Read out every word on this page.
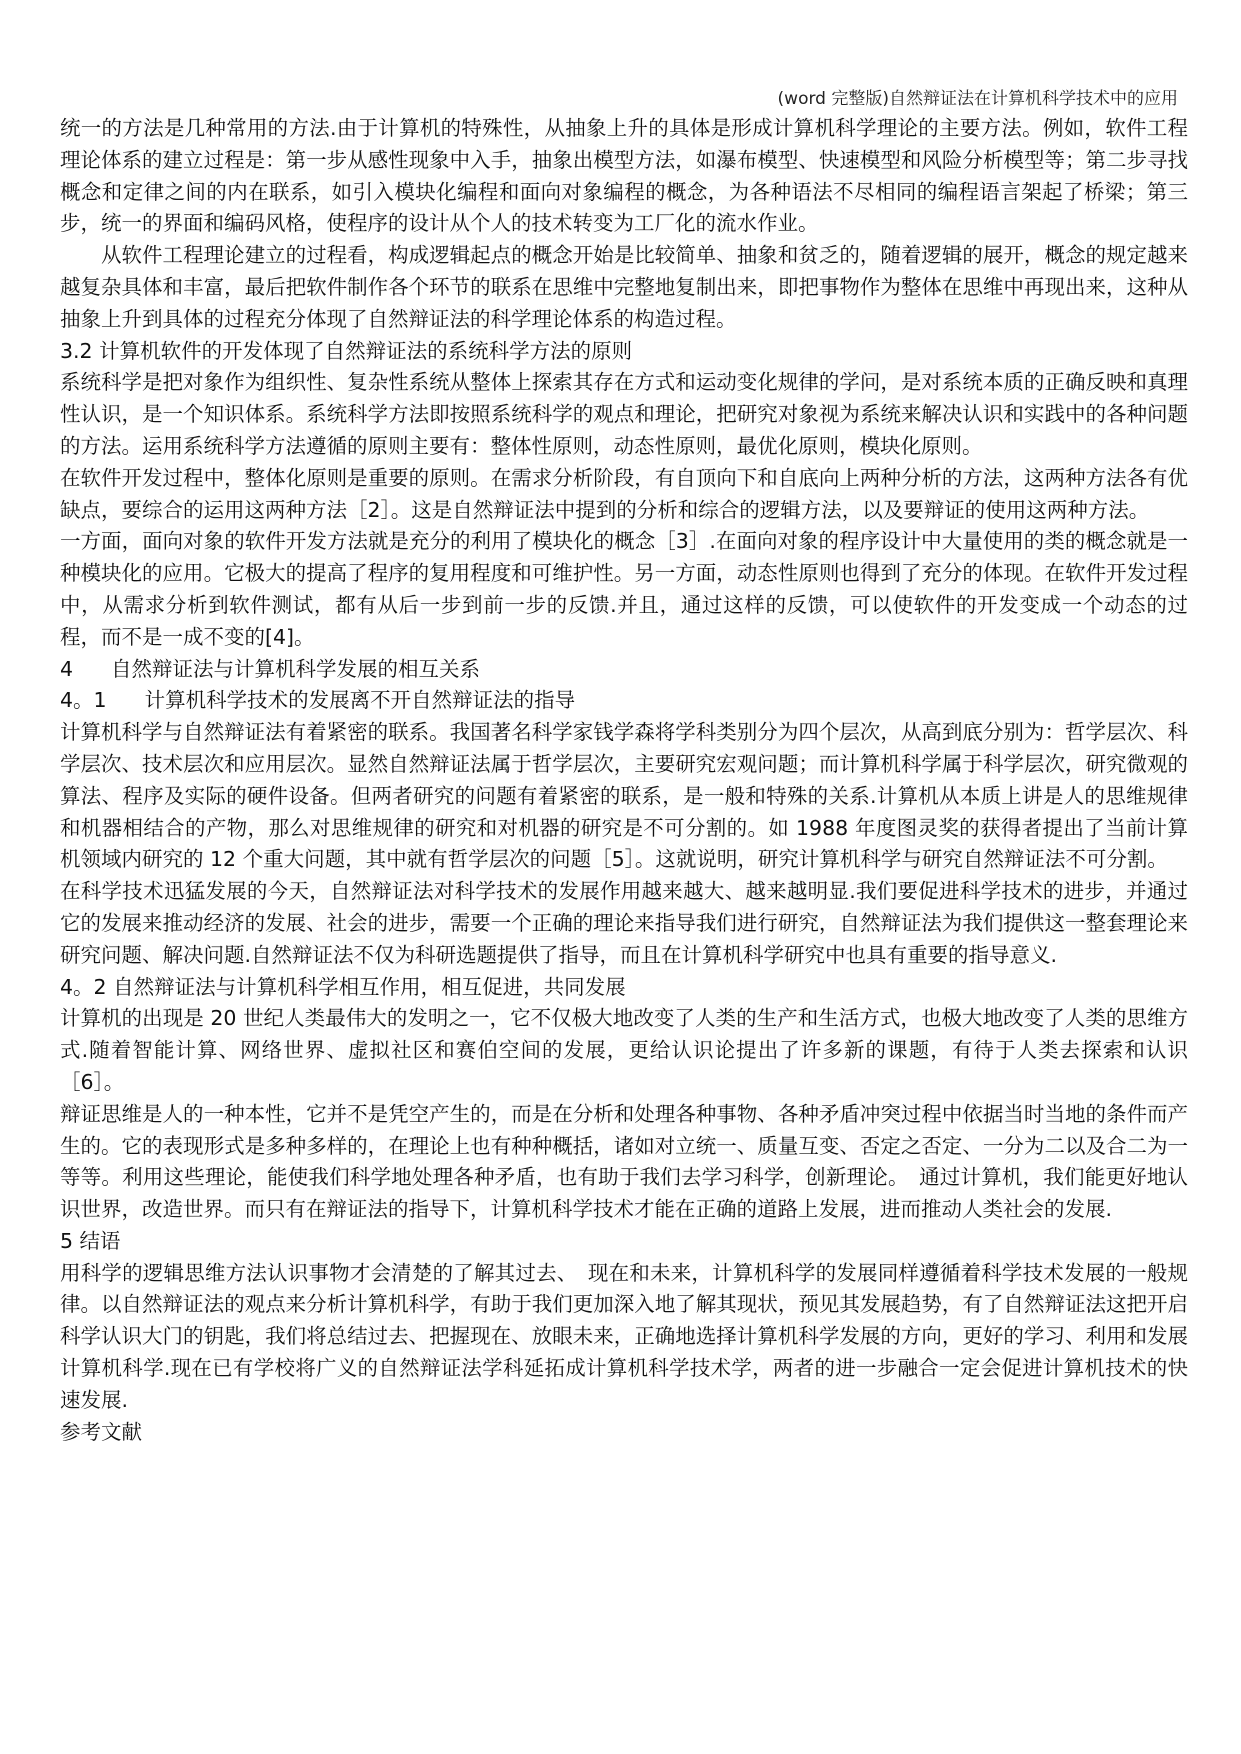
(word 完整版)自然辩证法在计算机科学技术中的应用

统一的方法是几种常用的方法.由于计算机的特殊性，从抽象上升的具体是形成计算机科学理论的主要方法。例如，软件工程理论体系的建立过程是：第一步从感性现象中入手，抽象出模型方法，如瀑布模型、快速模型和风险分析模型等；第二步寻找概念和定律之间的内在联系，如引入模块化编程和面向对象编程的概念，为各种语法不尽相同的编程语言架起了桥梁；第三步，统一的界面和编码风格，使程序的设计从个人的技术转变为工厂化的流水作业。

从软件工程理论建立的过程看，构成逻辑起点的概念开始是比较简单、抽象和贫乏的，随着逻辑的展开，概念的规定越来越复杂具体和丰富，最后把软件制作各个环节的联系在思维中完整地复制出来，即把事物作为整体在思维中再现出来，这种从抽象上升到具体的过程充分体现了自然辩证法的科学理论体系的构造过程。

3.2 计算机软件的开发体现了自然辩证法的系统科学方法的原则

系统科学是把对象作为组织性、复杂性系统从整体上探索其存在方式和运动变化规律的学问，是对系统本质的正确反映和真理性认识，是一个知识体系。系统科学方法即按照系统科学的观点和理论，把研究对象视为系统来解决认识和实践中的各种问题的方法。运用系统科学方法遵循的原则主要有：整体性原则，动态性原则，最优化原则，模块化原则。

在软件开发过程中，整体化原则是重要的原则。在需求分析阶段，有自顶向下和自底向上两种分析的方法，这两种方法各有优缺点，要综合的运用这两种方法［2］。这是自然辩证法中提到的分析和综合的逻辑方法，以及要辩证的使用这两种方法。

一方面，面向对象的软件开发方法就是充分的利用了模块化的概念［3］.在面向对象的程序设计中大量使用的类的概念就是一种模块化的应用。它极大的提高了程序的复用程度和可维护性。另一方面，动态性原则也得到了充分的体现。在软件开发过程中，从需求分析到软件测试，都有从后一步到前一步的反馈.并且，通过这样的反馈，可以使软件的开发变成一个动态的过程，而不是一成不变的[4]。

4 自然辩证法与计算机科学发展的相互关系

4。1 计算机科学技术的发展离不开自然辩证法的指导

计算机科学与自然辩证法有着紧密的联系。我国著名科学家钱学森将学科类别分为四个层次，从高到底分别为：哲学层次、科学层次、技术层次和应用层次。显然自然辩证法属于哲学层次，主要研究宏观问题；而计算机科学属于科学层次，研究微观的算法、程序及实际的硬件设备。但两者研究的问题有着紧密的联系，是一般和特殊的关系.计算机从本质上讲是人的思维规律和机器相结合的产物，那么对思维规律的研究和对机器的研究是不可分割的。如 1988 年度图灵奖的获得者提出了当前计算机领域内研究的 12 个重大问题，其中就有哲学层次的问题［5］。这就说明，研究计算机科学与研究自然辩证法不可分割。

在科学技术迅猛发展的今天，自然辩证法对科学技术的发展作用越来越大、越来越明显.我们要促进科学技术的进步，并通过它的发展来推动经济的发展、社会的进步，需要一个正确的理论来指导我们进行研究，自然辩证法为我们提供这一整套理论来研究问题、解决问题.自然辩证法不仅为科研选题提供了指导，而且在计算机科学研究中也具有重要的指导意义.

4。2 自然辩证法与计算机科学相互作用，相互促进，共同发展

计算机的出现是 20 世纪人类最伟大的发明之一，它不仅极大地改变了人类的生产和生活方式，也极大地改变了人类的思维方式.随着智能计算、网络世界、虚拟社区和赛伯空间的发展，更给认识论提出了许多新的课题，有待于人类去探索和认识［6］。

辩证思维是人的一种本性，它并不是凭空产生的，而是在分析和处理各种事物、各种矛盾冲突过程中依据当时当地的条件而产生的。它的表现形式是多种多样的，在理论上也有种种概括，诸如对立统一、质量互变、否定之否定、一分为二以及合二为一等等。利用这些理论，能使我们科学地处理各种矛盾，也有助于我们去学习科学，创新理论。　通过计算机，我们能更好地认识世界，改造世界。而只有在辩证法的指导下，计算机科学技术才能在正确的道路上发展，进而推动人类社会的发展.

5 结语

用科学的逻辑思维方法认识事物才会清楚的了解其过去、　现在和未来，计算机科学的发展同样遵循着科学技术发展的一般规律。以自然辩证法的观点来分析计算机科学，有助于我们更加深入地了解其现状，预见其发展趋势，有了自然辩证法这把开启科学认识大门的钥匙，我们将总结过去、把握现在、放眼未来，正确地选择计算机科学发展的方向，更好的学习、利用和发展计算机科学.现在已有学校将广义的自然辩证法学科延拓成计算机科学技术学，两者的进一步融合一定会促进计算机技术的快速发展.

参考文献
